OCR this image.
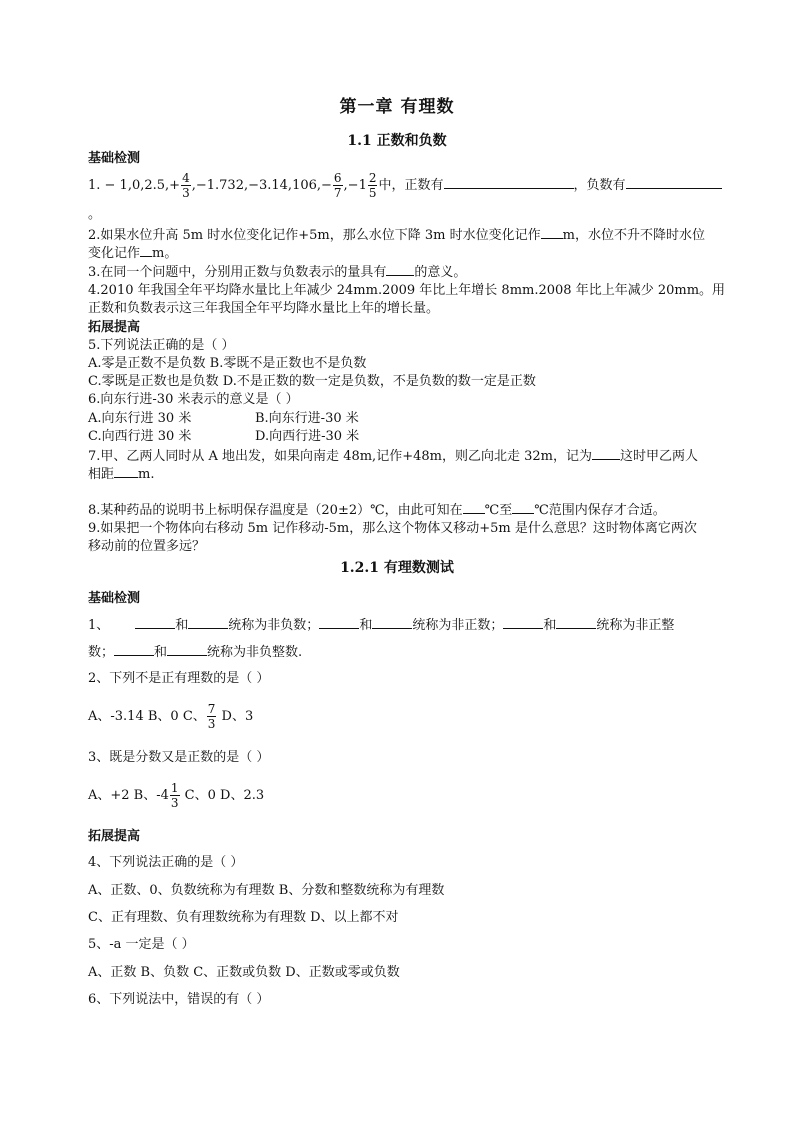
第一章 有理数
1.1 正数和负数
基础检测
1. − $1,0,2.5,+ \frac{4}{3} ,-1.732,-3.14,106,- \frac{6}{7} ,-1 \frac{2}{5}$ 中，正数有	，负数有
。
2.如果水位升高 5m 时水位变化记作+5m，那么水位下降 3m 时水位变化记作 m，水位不升不降时水位
变化记作 m。
3.在同一个问题中，分别用正数与负数表示的量具有 的意义。
4.2010 年我国全年平均降水量比上年减少 24mm.2009 年比上年增长 8mm.2008 年比上年减少 20mm。用
正数和负数表示这三年我国全年平均降水量比上年的增长量。
拓展提高
5.下列说法正确的是（ ）
A.零是正数不是负数 B.零既不是正数也不是负数
C.零既是正数也是负数 D.不是正数的数一定是负数，不是负数的数一定是正数
6.向东行进-30 米表示的意义是（ ）
A.向东行进 30 米	B.向东行进-30 米
C.向西行进 30 米	D.向西行进-30 米
7.甲、乙两人同时从 A 地出发，如果向南走 48m,记作+48m，则乙向北走 32m，记为 这时甲乙两人
相距 m.
8.某种药品的说明书上标明保存温度是（20±2）℃，由此可知在 ℃至 ℃范围内保存才合适。
9.如果把一个物体向右移动 5m 记作移动-5m，那么这个物体又移动+5m 是什么意思？这时物体离它两次
移动前的位置多远？
1.2.1 有理数测试
基础检测
1、	和	统称为非负数；	和	统称为非正数；	和	统称为非正整
数；	和	统称为非负整数.
2、下列不是正有理数的是（ ）
A、-3.14 B、0 C、 $\frac{7}{3}$ D、3
3、既是分数又是正数的是（ ）
A、+2 B、$-4 \frac{1}{3}$ C、0 D、2.3
拓展提高
4、下列说法正确的是（ ）
A、正数、0、负数统称为有理数 B、分数和整数统称为有理数
C、正有理数、负有理数统称为有理数 D、以上都不对
5、-a 一定是（ ）
A、正数 B、负数 C、正数或负数 D、正数或零或负数
6、下列说法中，错误的有（ ）
